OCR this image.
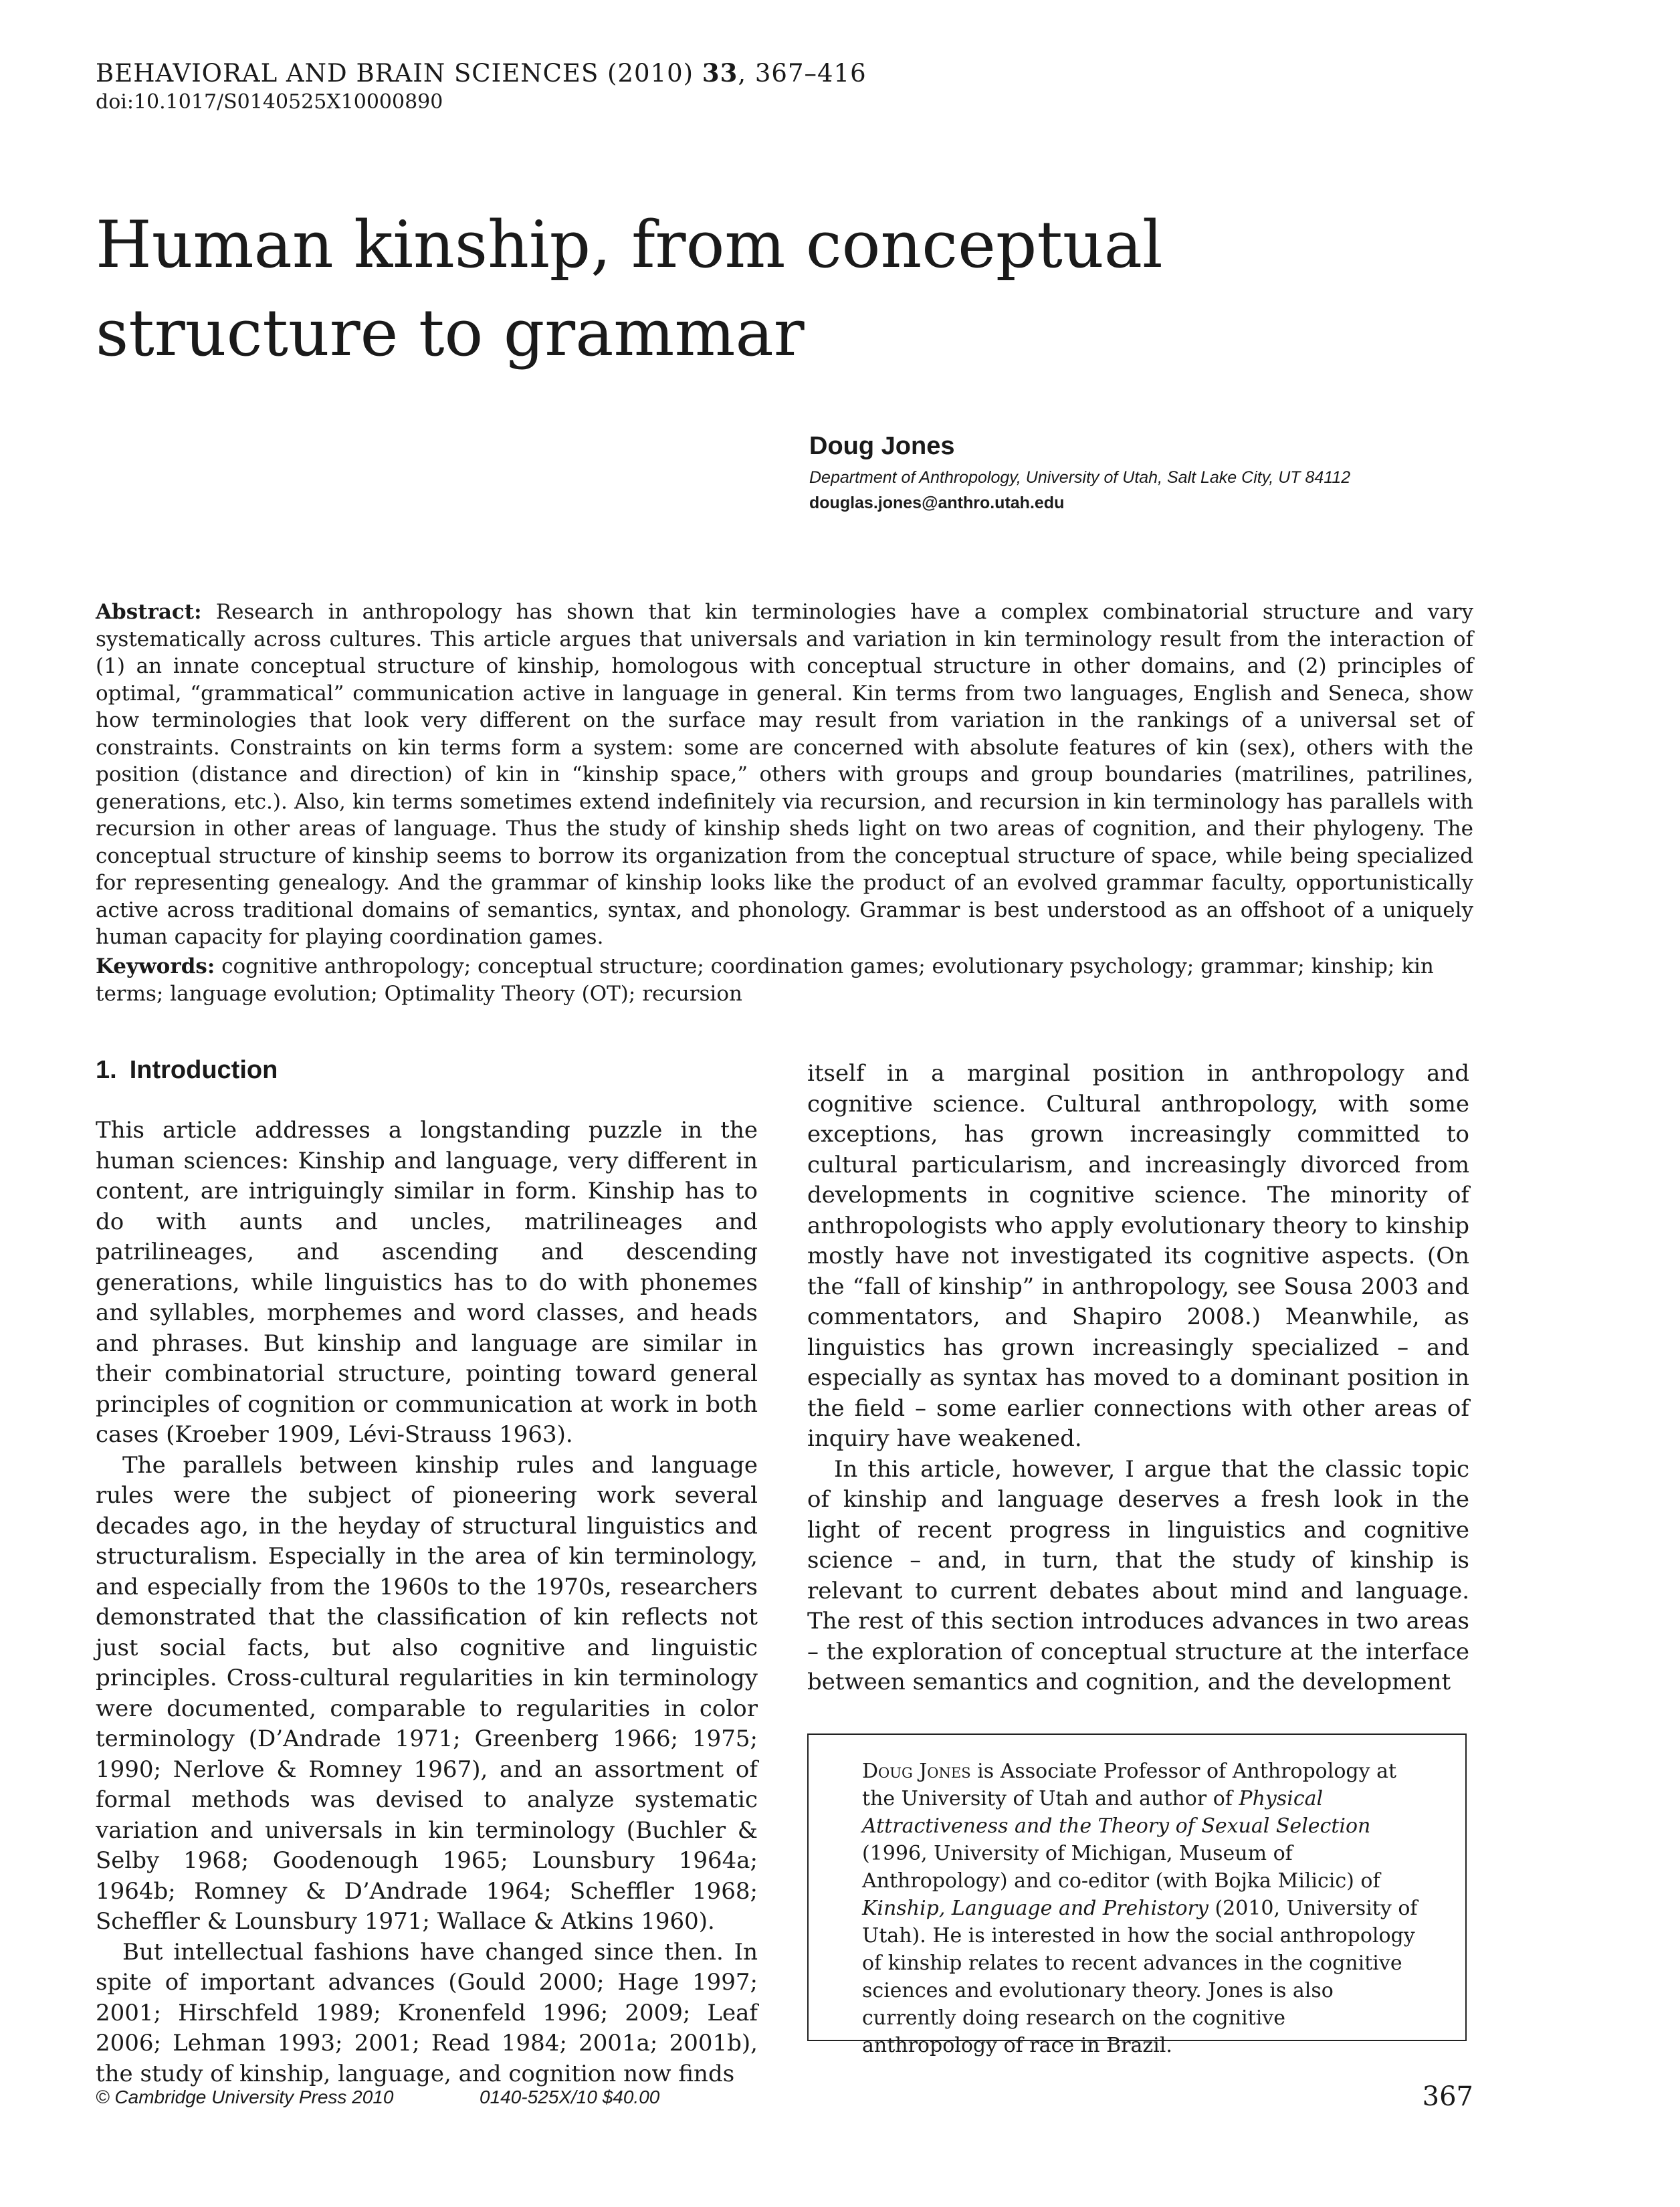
BEHAVIORAL AND BRAIN SCIENCES (2010) 33, 367–416
doi:10.1017/S0140525X10000890
Human kinship, from conceptual structure to grammar
Doug Jones
Department of Anthropology, University of Utah, Salt Lake City, UT 84112
douglas.jones@anthro.utah.edu

Abstract: Research in anthropology has shown that kin terminologies have a complex combinatorial structure and vary systematically across cultures. This article argues that universals and variation in kin terminology result from the interaction of (1) an innate conceptual structure of kinship, homologous with conceptual structure in other domains, and (2) principles of optimal, “grammatical” communication active in language in general. Kin terms from two languages, English and Seneca, show how terminologies that look very different on the surface may result from variation in the rankings of a universal set of constraints. Constraints on kin terms form a system: some are concerned with absolute features of kin (sex), others with the position (distance and direction) of kin in “kinship space,” others with groups and group boundaries (matrilines, patrilines, generations, etc.). Also, kin terms sometimes extend indefinitely via recursion, and recursion in kin terminology has parallels with recursion in other areas of language. Thus the study of kinship sheds light on two areas of cognition, and their phylogeny. The conceptual structure of kinship seems to borrow its organization from the conceptual structure of space, while being specialized for representing genealogy. And the grammar of kinship looks like the product of an evolved grammar faculty, opportunistically active across traditional domains of semantics, syntax, and phonology. Grammar is best understood as an offshoot of a uniquely human capacity for playing coordination games.

Keywords: cognitive anthropology; conceptual structure; coordination games; evolutionary psychology; grammar; kinship; kin terms; language evolution; Optimality Theory (OT); recursion

1. Introduction

This article addresses a longstanding puzzle in the human sciences: Kinship and language, very different in content, are intriguingly similar in form. Kinship has to do with aunts and uncles, matrilineages and patrilineages, and ascending and descending generations, while linguistics has to do with phonemes and syllables, morphemes and word classes, and heads and phrases. But kinship and language are similar in their combinatorial structure, pointing toward general principles of cognition or communication at work in both cases (Kroeber 1909, Lévi-Strauss 1963).

The parallels between kinship rules and language rules were the subject of pioneering work several decades ago, in the heyday of structural linguistics and structuralism. Especially in the area of kin terminology, and especially from the 1960s to the 1970s, researchers demonstrated that the classification of kin reflects not just social facts, but also cognitive and linguistic principles. Cross-cultural regularities in kin terminology were documented, comparable to regularities in color terminology (D’Andrade 1971; Greenberg 1966; 1975; 1990; Nerlove & Romney 1967), and an assortment of formal methods was devised to analyze systematic variation and universals in kin terminology (Buchler & Selby 1968; Goodenough 1965; Lounsbury 1964a; 1964b; Romney & D’Andrade 1964; Scheffler 1968; Scheffler & Lounsbury 1971; Wallace & Atkins 1960).

But intellectual fashions have changed since then. In spite of important advances (Gould 2000; Hage 1997; 2001; Hirschfeld 1989; Kronenfeld 1996; 2009; Leaf 2006; Lehman 1993; 2001; Read 1984; 2001a; 2001b), the study of kinship, language, and cognition now finds

itself in a marginal position in anthropology and cognitive science. Cultural anthropology, with some exceptions, has grown increasingly committed to cultural particularism, and increasingly divorced from developments in cognitive science. The minority of anthropologists who apply evolutionary theory to kinship mostly have not investigated its cognitive aspects. (On the “fall of kinship” in anthropology, see Sousa 2003 and commentators, and Shapiro 2008.) Meanwhile, as linguistics has grown increasingly specialized – and especially as syntax has moved to a dominant position in the field – some earlier connections with other areas of inquiry have weakened.

In this article, however, I argue that the classic topic of kinship and language deserves a fresh look in the light of recent progress in linguistics and cognitive science – and, in turn, that the study of kinship is relevant to current debates about mind and language. The rest of this section introduces advances in two areas – the exploration of conceptual structure at the interface between semantics and cognition, and the development

Doug Jones is Associate Professor of Anthropology at the University of Utah and author of Physical Attractiveness and the Theory of Sexual Selection (1996, University of Michigan, Museum of Anthropology) and co-editor (with Bojka Milicic) of Kinship, Language and Prehistory (2010, University of Utah). He is interested in how the social anthropology of kinship relates to recent advances in the cognitive sciences and evolutionary theory. Jones is also currently doing research on the cognitive anthropology of race in Brazil.

© Cambridge University Press 2010	0140-525X/10 $40.00	367
